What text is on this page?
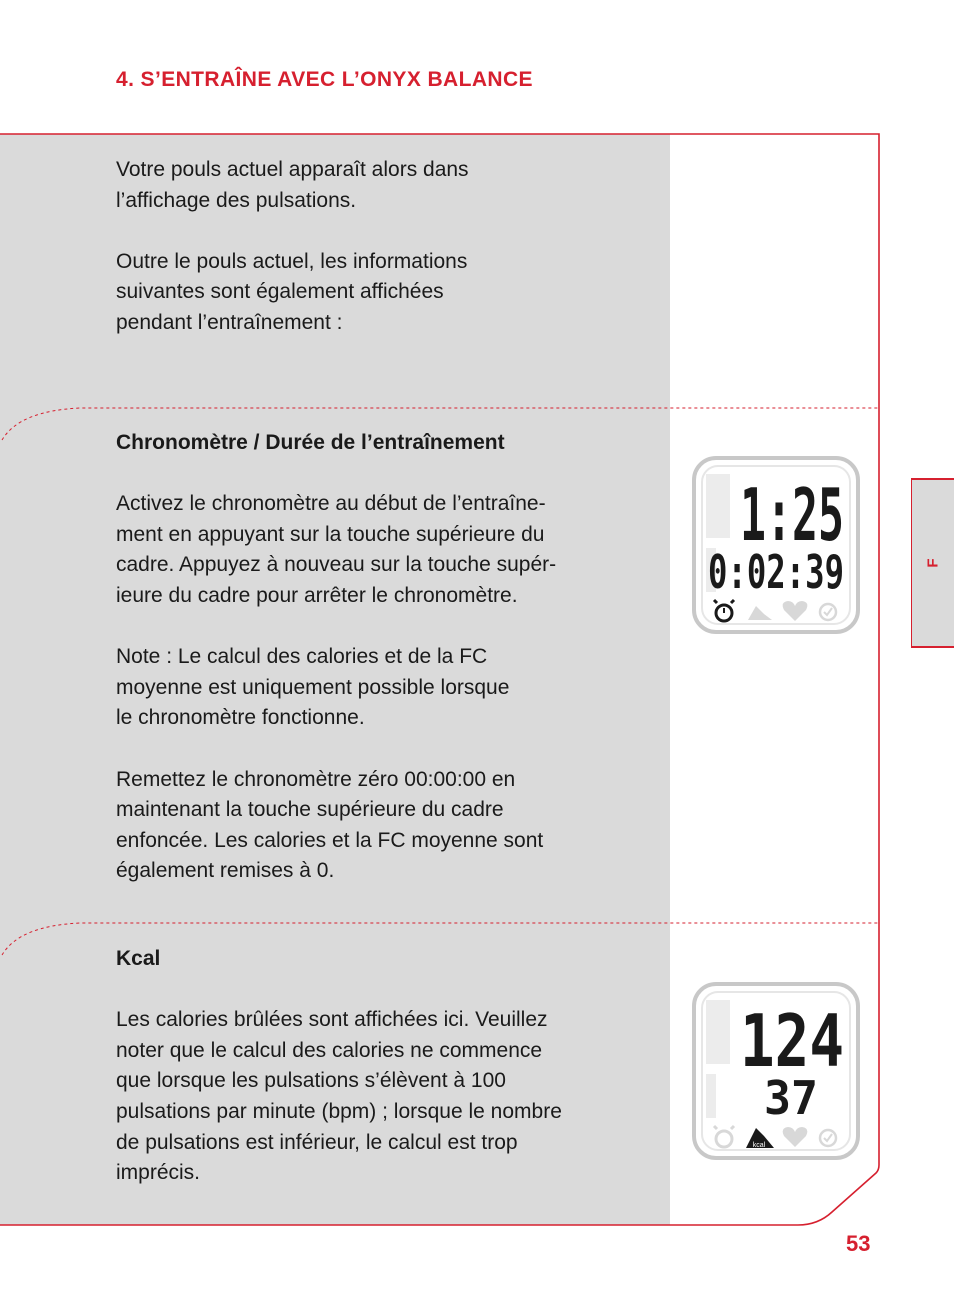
4. S’ENTRAÎNE AVEC L’ONYX BALANCE

Votre pouls actuel apparaît alors dans

l’affichage des pulsations.

Outre le pouls actuel, les informations

suivantes sont également affichées

pendant l’entraînement :

Chronomètre / Durée de l’entraînement

Activez le chronomètre au début de l’entraîne-

ment en appuyant sur la touche supérieure du

cadre. Appuyez à nouveau sur la touche supér-

ieure du cadre pour arrêter le chronomètre.

Note : Le calcul des calories et de la FC

moyenne est uniquement possible lorsque

le chronomètre fonctionne.

Remettez le chronomètre zéro 00:00:00 en

maintenant la touche supérieure du cadre

enfoncée. Les calories et la FC moyenne sont

également remises à 0.

1:25
0:02:39

Kcal

Les calories brûlées sont affichées ici. Veuillez

noter que le calcul des calories ne commence

que lorsque les pulsations s’élèvent à 100

pulsations par minute (bpm) ; lorsque le nombre

de pulsations est inférieur, le calcul est trop

imprécis.

124
37
kcal
F
53
